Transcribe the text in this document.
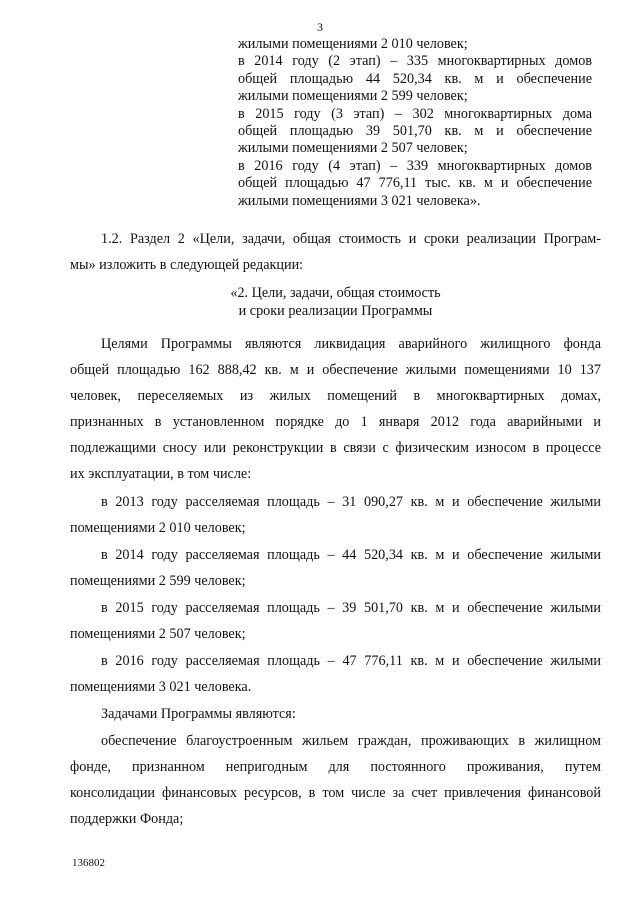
3
жилыми помещениями 2 010 человек;
в 2014 году (2 этап) – 335 многоквартирных домов
общей площадью 44 520,34 кв. м и обеспечение
жилыми помещениями 2 599 человек;
в 2015 году (3 этап) – 302 многоквартирных дома
общей площадью 39 501,70 кв. м и обеспечение
жилыми помещениями 2 507 человек;
в 2016 году (4 этап) – 339 многоквартирных домов
общей площадью 47 776,11 тыс. кв. м и обеспечение
жилыми помещениями 3 021 человека».
1.2. Раздел 2 «Цели, задачи, общая стоимость и сроки реализации Програм-
мы» изложить в следующей редакции:
«2. Цели, задачи, общая стоимость
и сроки реализации Программы
Целями Программы являются ликвидация аварийного жилищного фонда
общей площадью 162 888,42 кв. м и обеспечение жилыми помещениями 10 137
человек, переселяемых из жилых помещений в многоквартирных домах,
признанных в установленном порядке до 1 января 2012 года аварийными и
подлежащими сносу или реконструкции в связи с физическим износом в процессе
их эксплуатации, в том числе:
в 2013 году расселяемая площадь – 31 090,27 кв. м и обеспечение жилыми
помещениями 2 010 человек;
в 2014 году расселяемая площадь – 44 520,34 кв. м и обеспечение жилыми
помещениями 2 599 человек;
в 2015 году расселяемая площадь – 39 501,70 кв. м и обеспечение жилыми
помещениями 2 507 человек;
в 2016 году расселяемая площадь – 47 776,11 кв. м и обеспечение жилыми
помещениями 3 021 человека.
Задачами Программы являются:
обеспечение благоустроенным жильем граждан, проживающих в жилищном
фонде, признанном непригодным для постоянного проживания, путем
консолидации финансовых ресурсов, в том числе за счет привлечения финансовой
поддержки Фонда;
136802
